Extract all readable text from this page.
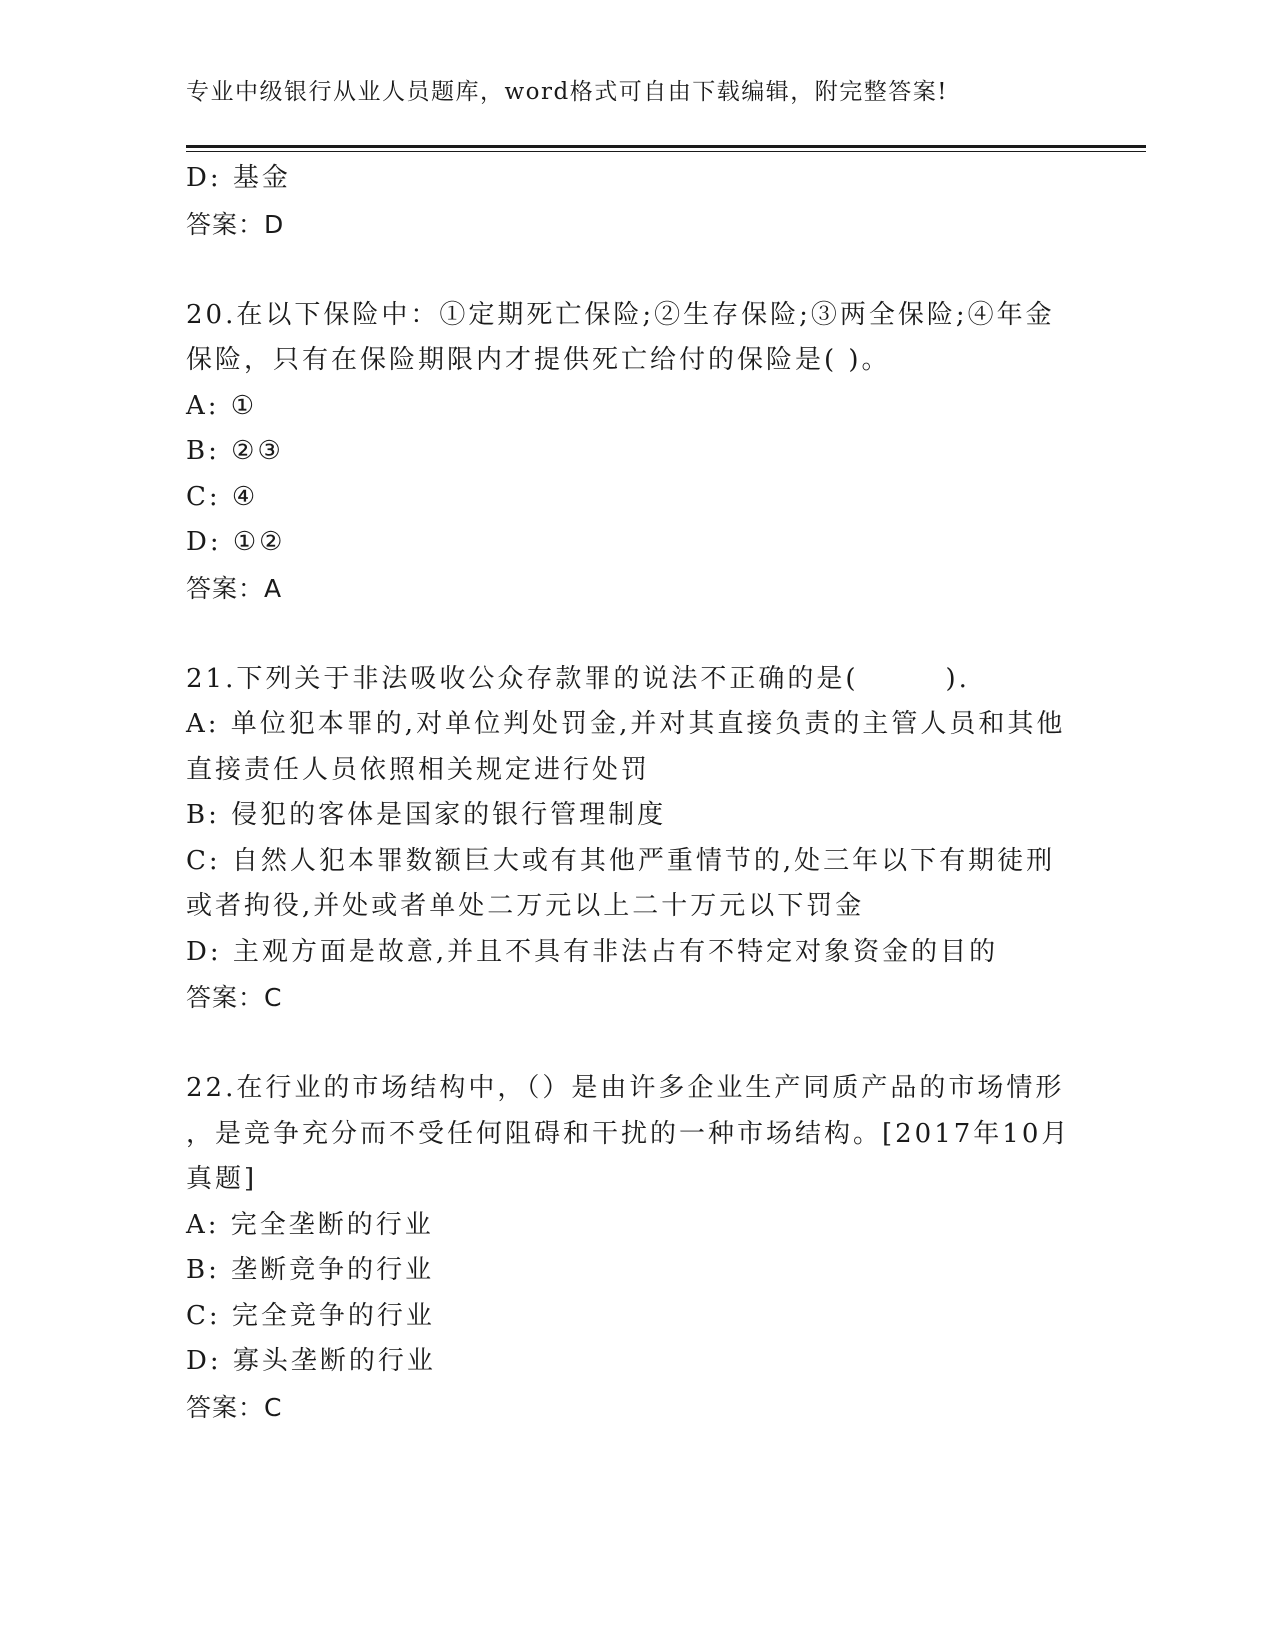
专业中级银行从业人员题库，word格式可自由下载编辑，附完整答案!
D: 基金
答案：D
20.在以下保险中：①定期死亡保险;②生存保险;③两全保险;④年金
保险，只有在保险期限内才提供死亡给付的保险是( )。
A: ①
B: ②③
C: ④
D: ①②
答案：A
21.下列关于非法吸收公众存款罪的说法不正确的是(　　　).
A: 单位犯本罪的,对单位判处罚金,并对其直接负责的主管人员和其他
直接责任人员依照相关规定进行处罚
B: 侵犯的客体是国家的银行管理制度
C: 自然人犯本罪数额巨大或有其他严重情节的,处三年以下有期徒刑
或者拘役,并处或者单处二万元以上二十万元以下罚金
D: 主观方面是故意,并且不具有非法占有不特定对象资金的目的
答案：C
22.在行业的市场结构中，（）是由许多企业生产同质产品的市场情形
，是竞争充分而不受任何阻碍和干扰的一种市场结构。[2017年10月
真题]
A: 完全垄断的行业
B: 垄断竞争的行业
C: 完全竞争的行业
D: 寡头垄断的行业
答案：C
